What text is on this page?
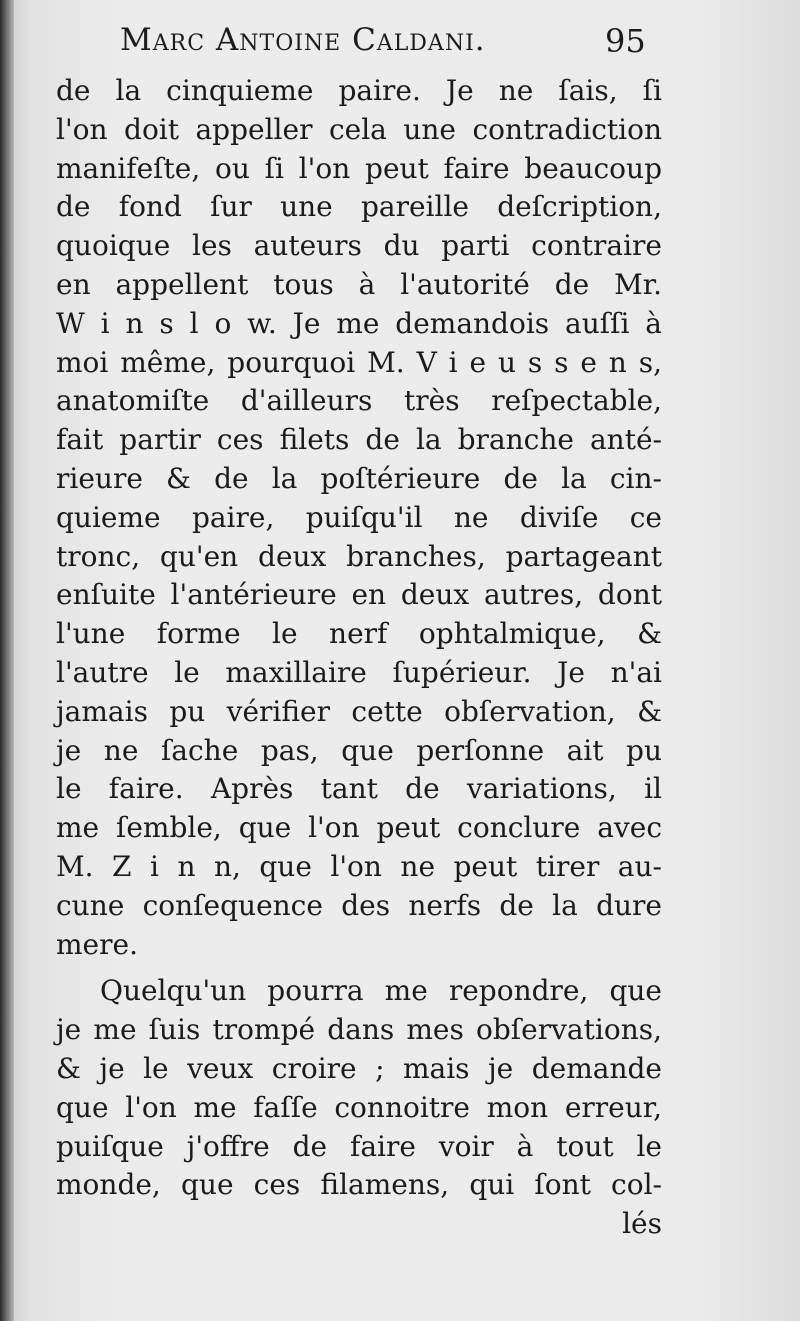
Marc Antoine Caldani.	95
de la cinquieme paire. Je ne ſais, ſi
l'on doit appeller cela une contradiction
manifeſte, ou ſi l'on peut faire beaucoup
de fond ſur une pareille deſcription,
quoique les auteurs du parti contraire
en appellent tous à l'autorité de Mr.
W i n s l o w. Je me demandois auſſi à
moi même, pourquoi M. V i e u s s e n s,
anatomiſte d'ailleurs très reſpectable,
fait partir ces filets de la branche anté-
rieure & de la poſtérieure de la cin-
quieme paire, puiſqu'il ne diviſe ce
tronc, qu'en deux branches, partageant
enſuite l'antérieure en deux autres, dont
l'une forme le nerf ophtalmique, &
l'autre le maxillaire ſupérieur. Je n'ai
jamais pu vérifier cette obſervation, &
je ne ſache pas, que perſonne ait pu
le faire. Après tant de variations, il
me ſemble, que l'on peut conclure avec
M. Z i n n, que l'on ne peut tirer au-
cune conſequence des nerfs de la dure
mere.
Quelqu'un pourra me repondre, que
je me ſuis trompé dans mes obſervations,
& je le veux croire ; mais je demande
que l'on me faſſe connoitre mon erreur,
puiſque j'offre de faire voir à tout le
monde, que ces filamens, qui ſont col-
lés
